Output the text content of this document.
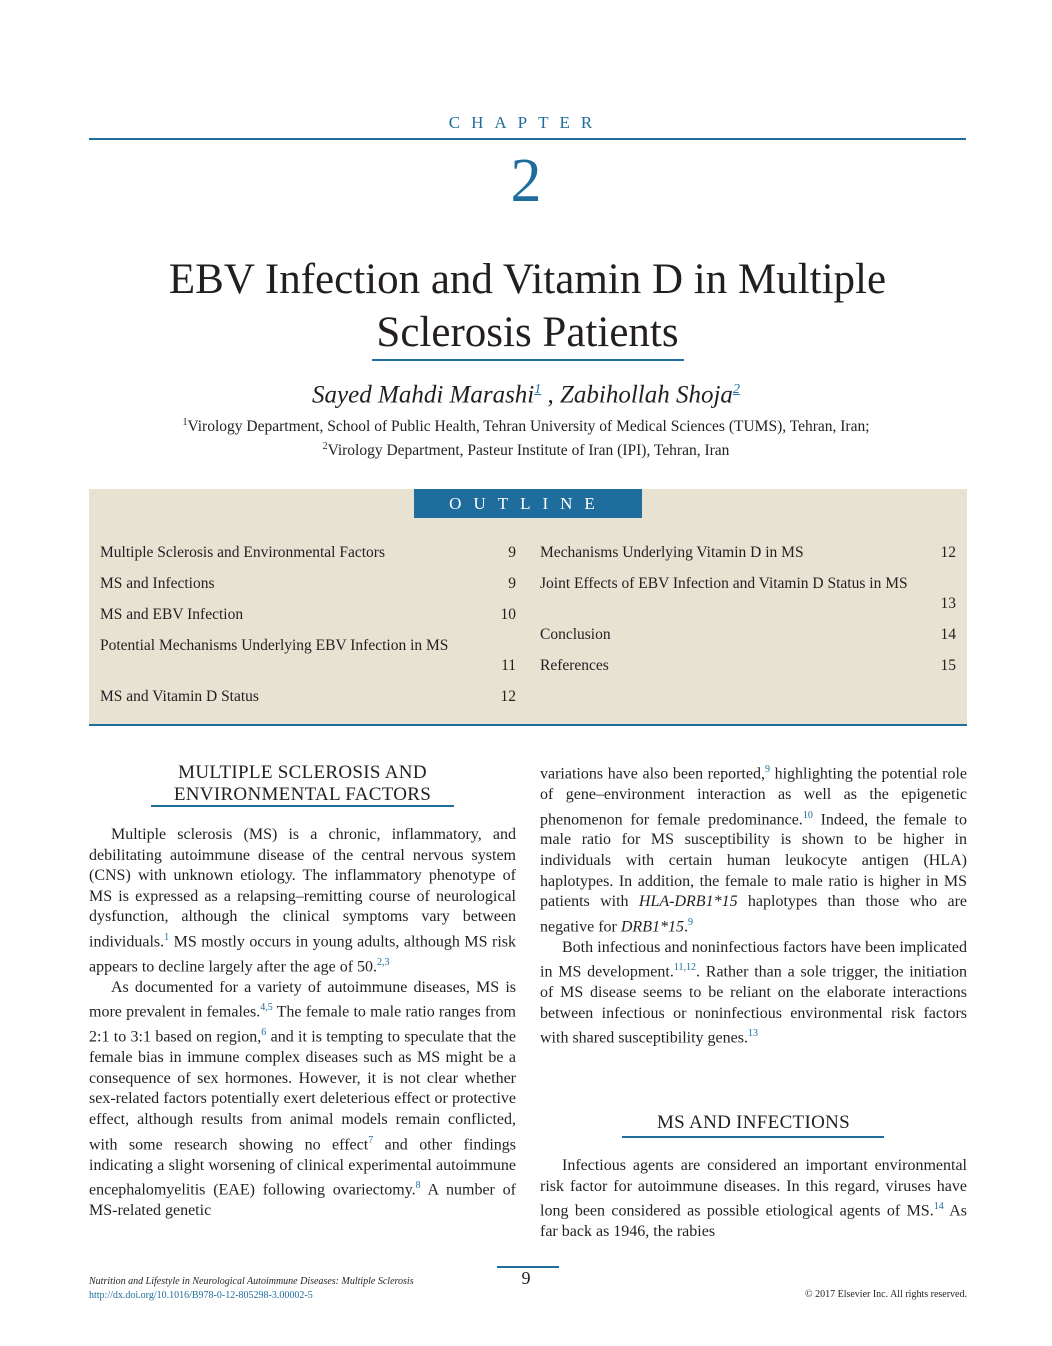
CHAPTER
2
EBV Infection and Vitamin D in Multiple
Sclerosis Patients
Sayed Mahdi Marashi$^1$ , Zabihollah Shoja$^2$
$^1$Virology Department, School of Public Health, Tehran University of Medical Sciences (TUMS), Tehran, Iran;
$^2$Virology Department, Pasteur Institute of Iran (IPI), Tehran, Iran
OUTLINE
Multiple Sclerosis and Environmental Factors	9
MS and Infections	9
MS and EBV Infection	10
Potential Mechanisms Underlying EBV Infection in MS
11
MS and Vitamin D Status	12
Mechanisms Underlying Vitamin D in MS	12
Joint Effects of EBV Infection and Vitamin D Status in MS
13
Conclusion	14
References	15
MULTIPLE SCLEROSIS AND
ENVIRONMENTAL FACTORS

Multiple sclerosis (MS) is a chronic, inflammatory, and debilitating autoimmune disease of the central nervous system (CNS) with unknown etiology. The inflammatory phenotype of MS is expressed as a relapsing–remitting course of neurological dysfunction, although the clinical symptoms vary between individuals.$^1$ MS mostly occurs in young adults, although MS risk appears to decline largely after the age of 50.$^{2,3}$

As documented for a variety of autoimmune diseases, MS is more prevalent in females.$^{4,5}$ The female to male ratio ranges from 2:1 to 3:1 based on region,$^6$ and it is tempting to speculate that the female bias in immune complex diseases such as MS might be a consequence of sex hormones. However, it is not clear whether sex-related factors potentially exert deleterious effect or protective effect, although results from animal models remain conflicted, with some research showing no effect$^7$ and other findings indicating a slight worsening of clinical experimental autoimmune encephalomyelitis (EAE) following ovariectomy.$^8$ A number of MS-related genetic

variations have also been reported,$^9$ highlighting the potential role of gene–environment interaction as well as the epigenetic phenomenon for female predominance.$^{10}$ Indeed, the female to male ratio for MS susceptibility is shown to be higher in individuals with certain human leukocyte antigen (HLA) haplotypes. In addition, the female to male ratio is higher in MS patients with HLA-DRB1*15 haplotypes than those who are negative for DRB1*15.$^9$

Both infectious and noninfectious factors have been implicated in MS development.$^{11,12}$. Rather than a sole trigger, the initiation of MS disease seems to be reliant on the elaborate interactions between infectious or noninfectious environmental risk factors with shared susceptibility genes.$^{13}$

MS AND INFECTIONS

Infectious agents are considered an important environmental risk factor for autoimmune diseases. In this regard, viruses have long been considered as possible etiological agents of MS.$^{14}$ As far back as 1946, the rabies

9
Nutrition and Lifestyle in Neurological Autoimmune Diseases: Multiple Sclerosis
http://dx.doi.org/10.1016/B978-0-12-805298-3.00002-5	© 2017 Elsevier Inc. All rights reserved.
